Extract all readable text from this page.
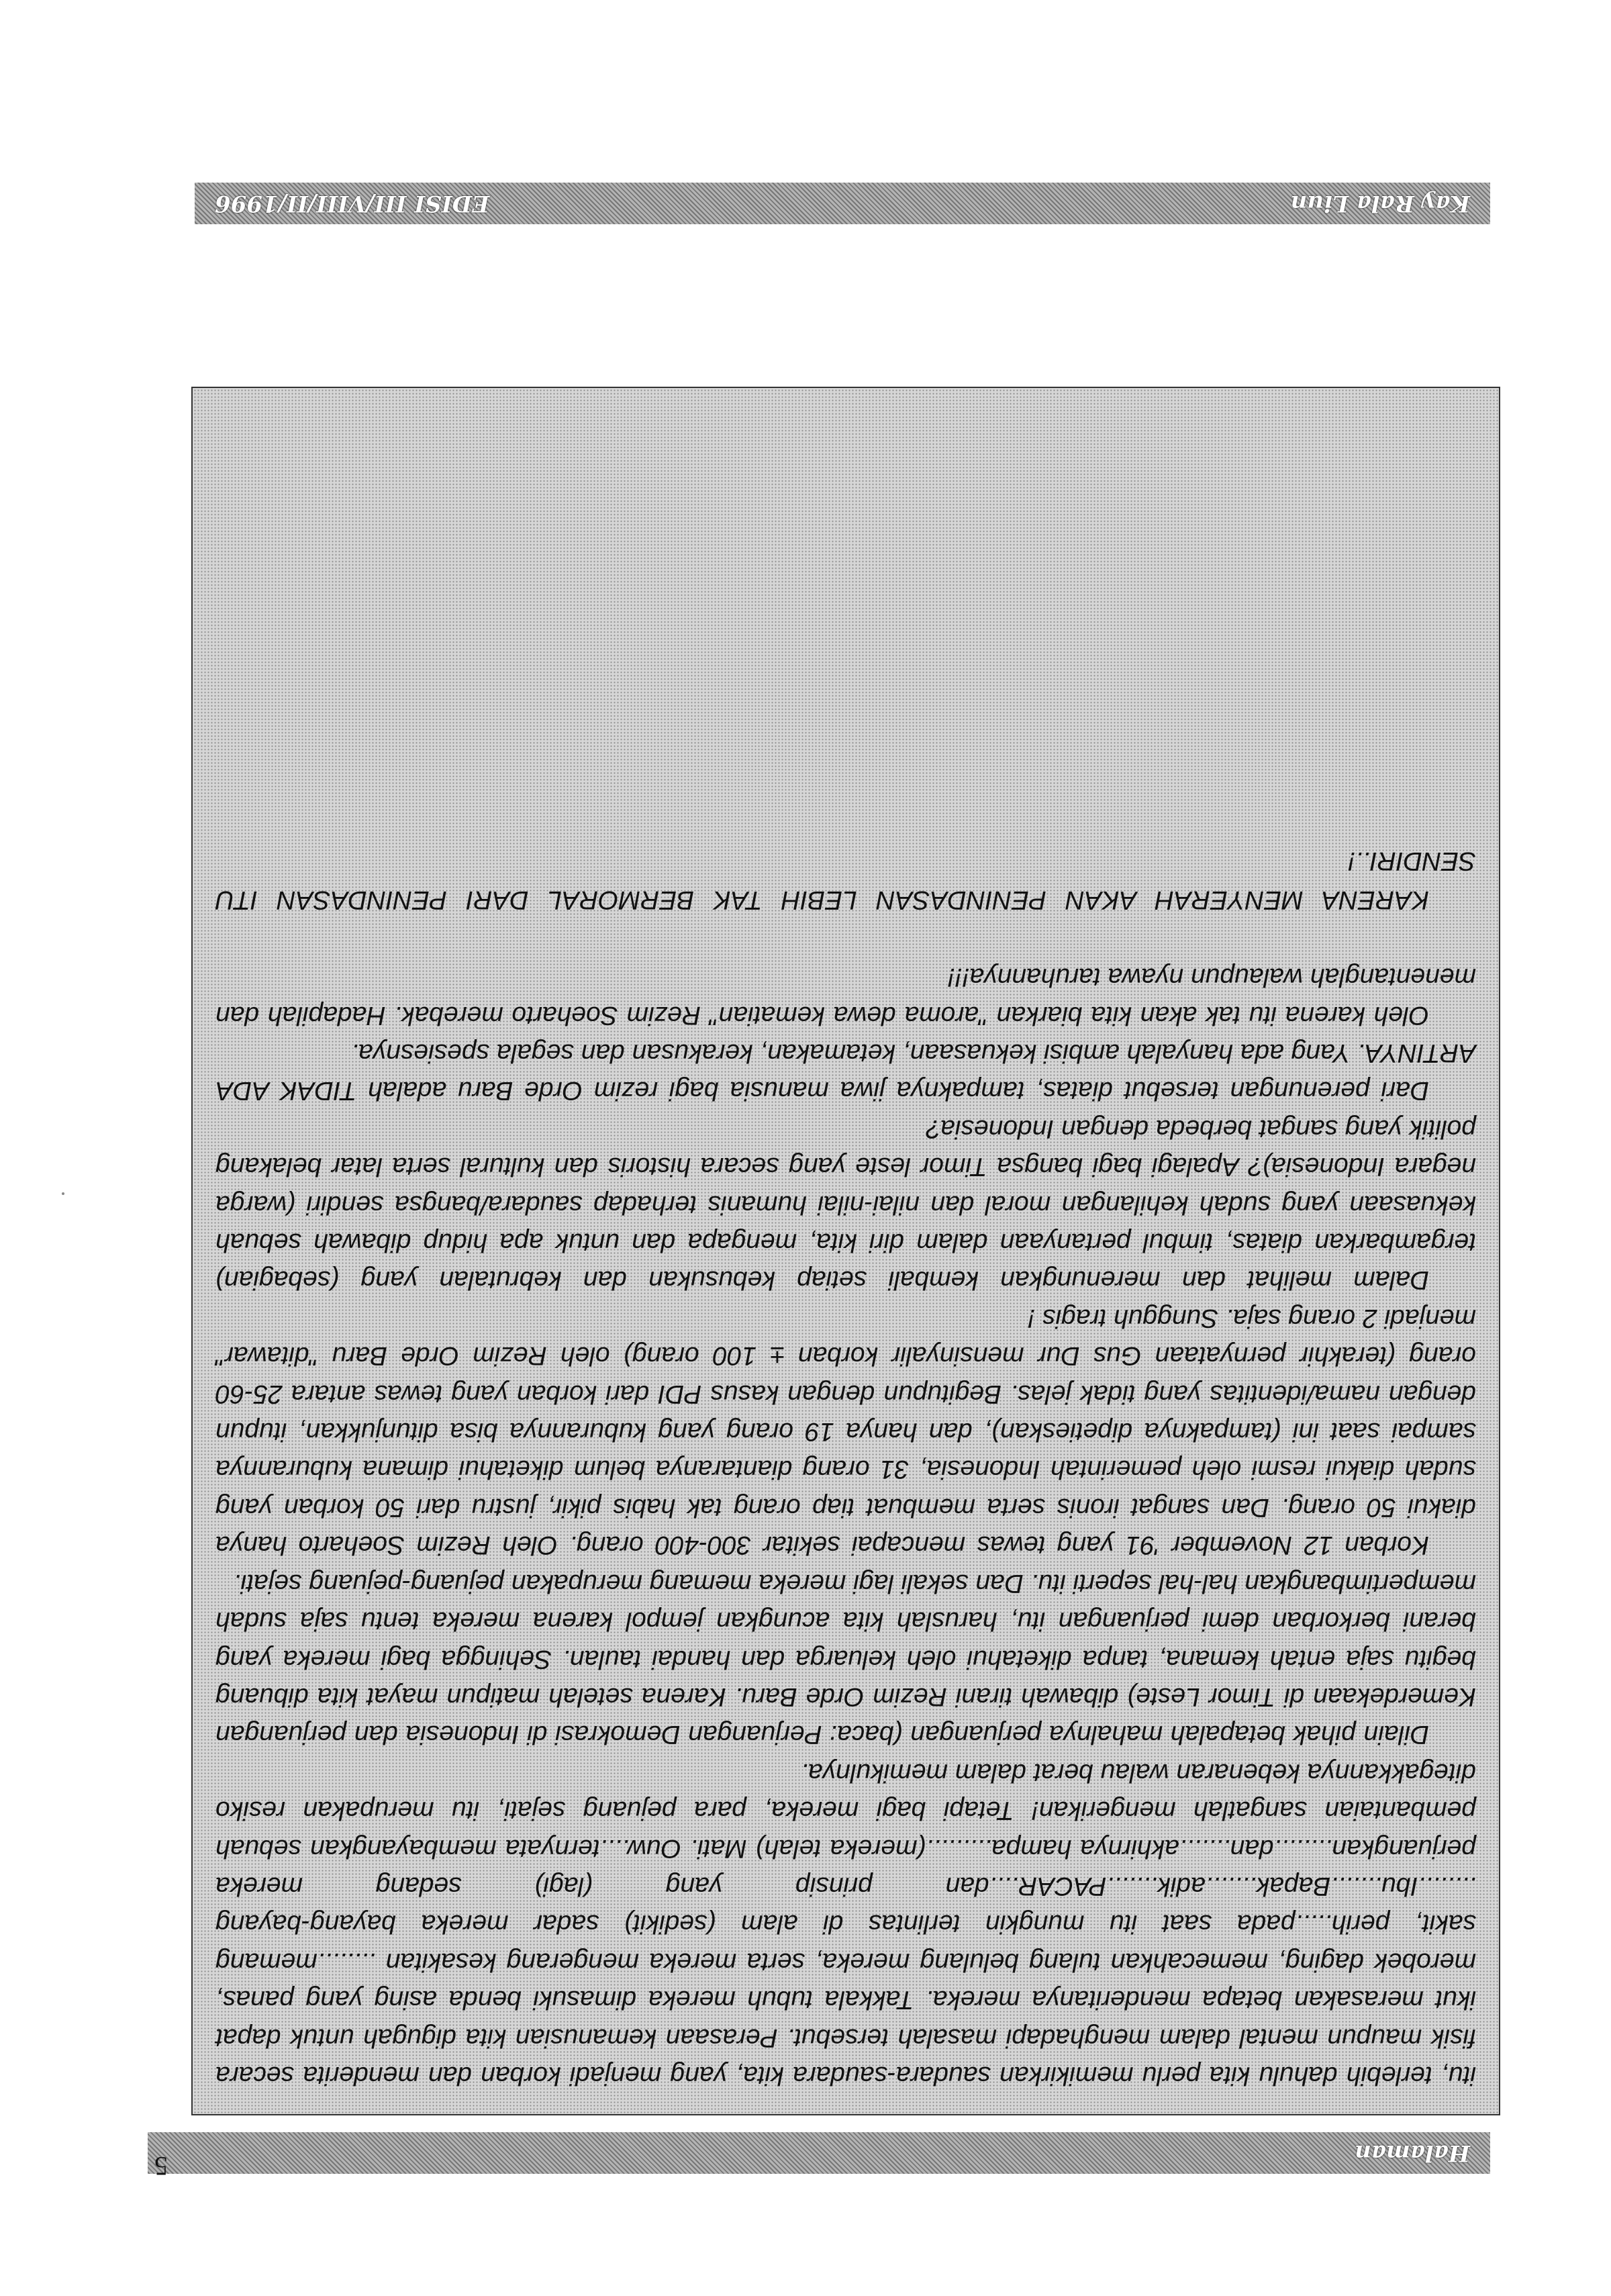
Halaman
5

itu, terlebih dahulu kita perlu memikirkan saudara-saudara kita, yang menjadi korban dan menderita secara fisik maupun mental dalam menghadapi masalah tersebut. Perasaan kemanusian kita digugah untuk dapat ikut merasakan betapa menderitanya mereka. Takkala tubuh mereka dimasuki benda asing yang panas, merobek daging, memecahkan tulang belulang mereka, serta mereka mengerang kesakitan ........memang sakit, perih.....pada saat itu mungkin terlintas di alam (sedikit) sadar mereka bayang-bayang ........Ibu.......Bapak.......adik.......PACAR....dan prinsip yang (lagi) sedang mereka perjuangkan........dan.......akhirnya hampa.........(mereka telah) Mati. Ouw....ternyata membayangkan sebuah pembantaian sangatlah mengerikan! Tetapi bagi mereka, para pejuang sejati, itu merupakan resiko ditegakkannya kebenaran walau berat dalam memikulnya.

Dilain pihak betapalah mahalnya perjuangan (baca: Perjuangan Demokrasi di Indonesia dan perjuangan Kemerdekaan di Timor Leste) dibawah tirani Rezim Orde Baru. Karena setelah matipun mayat kita dibuang begitu saja entah kemana, tanpa diketahui oleh keluarga dan handai taulan. Sehingga bagi mereka yang berani berkorban demi perjuangan itu, haruslah kita acungkan jempol karena mereka tentu saja sudah mempertimbangkan hal-hal seperti itu. Dan sekali lagi mereka memang merupakan pejuang-pejuang sejati.

Korban 12 November '91 yang tewas mencapai sekitar 300-400 orang. Oleh Rezim Soeharto hanya diakui 50 orang. Dan sangat ironis serta membuat tiap orang tak habis pikir, justru dari 50 korban yang sudah diakui resmi oleh pemerintah Indonesia, 31 orang diantaranya belum diketahui dimana kuburannya sampai saat ini (tampaknya dipetieskan), dan hanya 19 orang yang kuburannya bisa ditunjukkan, itupun dengan nama/identitas yang tidak jelas. Begitupun dengan kasus PDI dari korban yang tewas antara 25-60 orang (terakhir pernyataan Gus Dur mensinyalir korban ± 100 orang) oleh Rezim Orde Baru "ditawar" menjadi 2 orang saja. Sungguh tragis !

Dalam melihat dan merenungkan kembali setiap kebusukan dan kebrutalan yang (sebagian) tergambarkan diatas, timbul pertanyaan dalam diri kita, mengapa dan untuk apa hidup dibawah sebuah kekuasaan yang sudah kehilangan moral dan nilai-nilai humanis terhadap saudara/bangsa sendiri (warga negara Indonesia)? Apalagi bagi bangsa Timor leste yang secara historis dan kultural serta latar belakang politik yang sangat berbeda dengan Indonesia?

Dari perenungan tersebut diatas, tampaknya jiwa manusia bagi rezim Orde Baru adalah TIDAK ADA ARTINYA. Yang ada hanyalah ambisi kekuasaan, ketamakan, kerakusan dan segala spesiesnya.

Oleh karena itu tak akan kita biarkan "aroma dewa kematian" Rezim Soeharto merebak. Hadapilah dan menentanglah walaupun nyawa taruhannya!!!

KARENA MENYERAH AKAN PENINDASAN LEBIH TAK BERMORAL DARI PENINDASAN ITU SENDIRI..!

Kay Rala Liun
EDISI III/VIII/II/1996
